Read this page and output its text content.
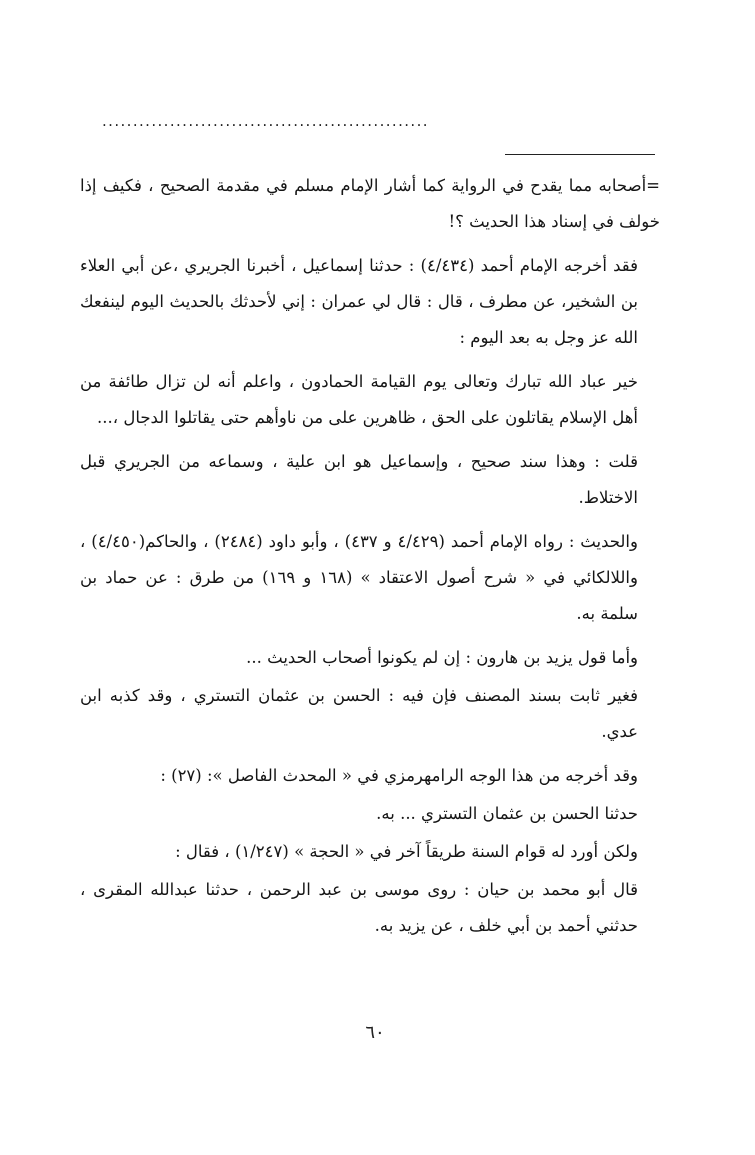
.....................................................

=أصحابه مما يقدح في الرواية كما أشار الإمام مسلم في مقدمة الصحيح ، فكيف إذا خولف في إسناد هذا الحديث ؟!

فقد أخرجه الإمام أحمد (٤/٤٣٤) : حدثنا إسماعيل ، أخبرنا الجريري ،عن أبي العلاء بن الشخير، عن مطرف ، قال : قال لي عمران : إني لأحدثك بالحديث اليوم لينفعك الله عز وجل به بعد اليوم :

خير عباد الله تبارك وتعالى يوم القيامة الحمادون ، واعلم أنه لن تزال طائفة من أهل الإسلام يقاتلون على الحق ، ظاهرين على من ناوأهم حتى يقاتلوا الدجال ،...

قلت : وهذا سند صحيح ، وإسماعيل هو ابن علية ، وسماعه من الجريري قبل الاختلاط.

والحديث : رواه الإمام أحمد (٤/٤٢٩ و ٤٣٧) ، وأبو داود (٢٤٨٤) ، والحاكم(٤/٤٥٠) ، واللالكائي في « شرح أصول الاعتقاد » (١٦٨ و ١٦٩) من طرق : عن حماد بن سلمة به.

وأما قول يزيد بن هارون : إن لم يكونوا أصحاب الحديث ...

فغير ثابت بسند المصنف فإن فيه : الحسن بن عثمان التستري ، وقد كذبه ابن عدي.

وقد أخرجه من هذا الوجه الرامهرمزي في « المحدث الفاصل »: (٢٧) :

حدثنا الحسن بن عثمان التستري ... به.

ولكن أورد له قوام السنة طريقاً آخر في « الحجة » (١/٢٤٧) ، فقال :

قال أبو محمد بن حيان : روى موسى بن عبد الرحمن ، حدثنا عبدالله المقرى ، حدثني أحمد بن أبي خلف ، عن يزيد به.

٦٠
